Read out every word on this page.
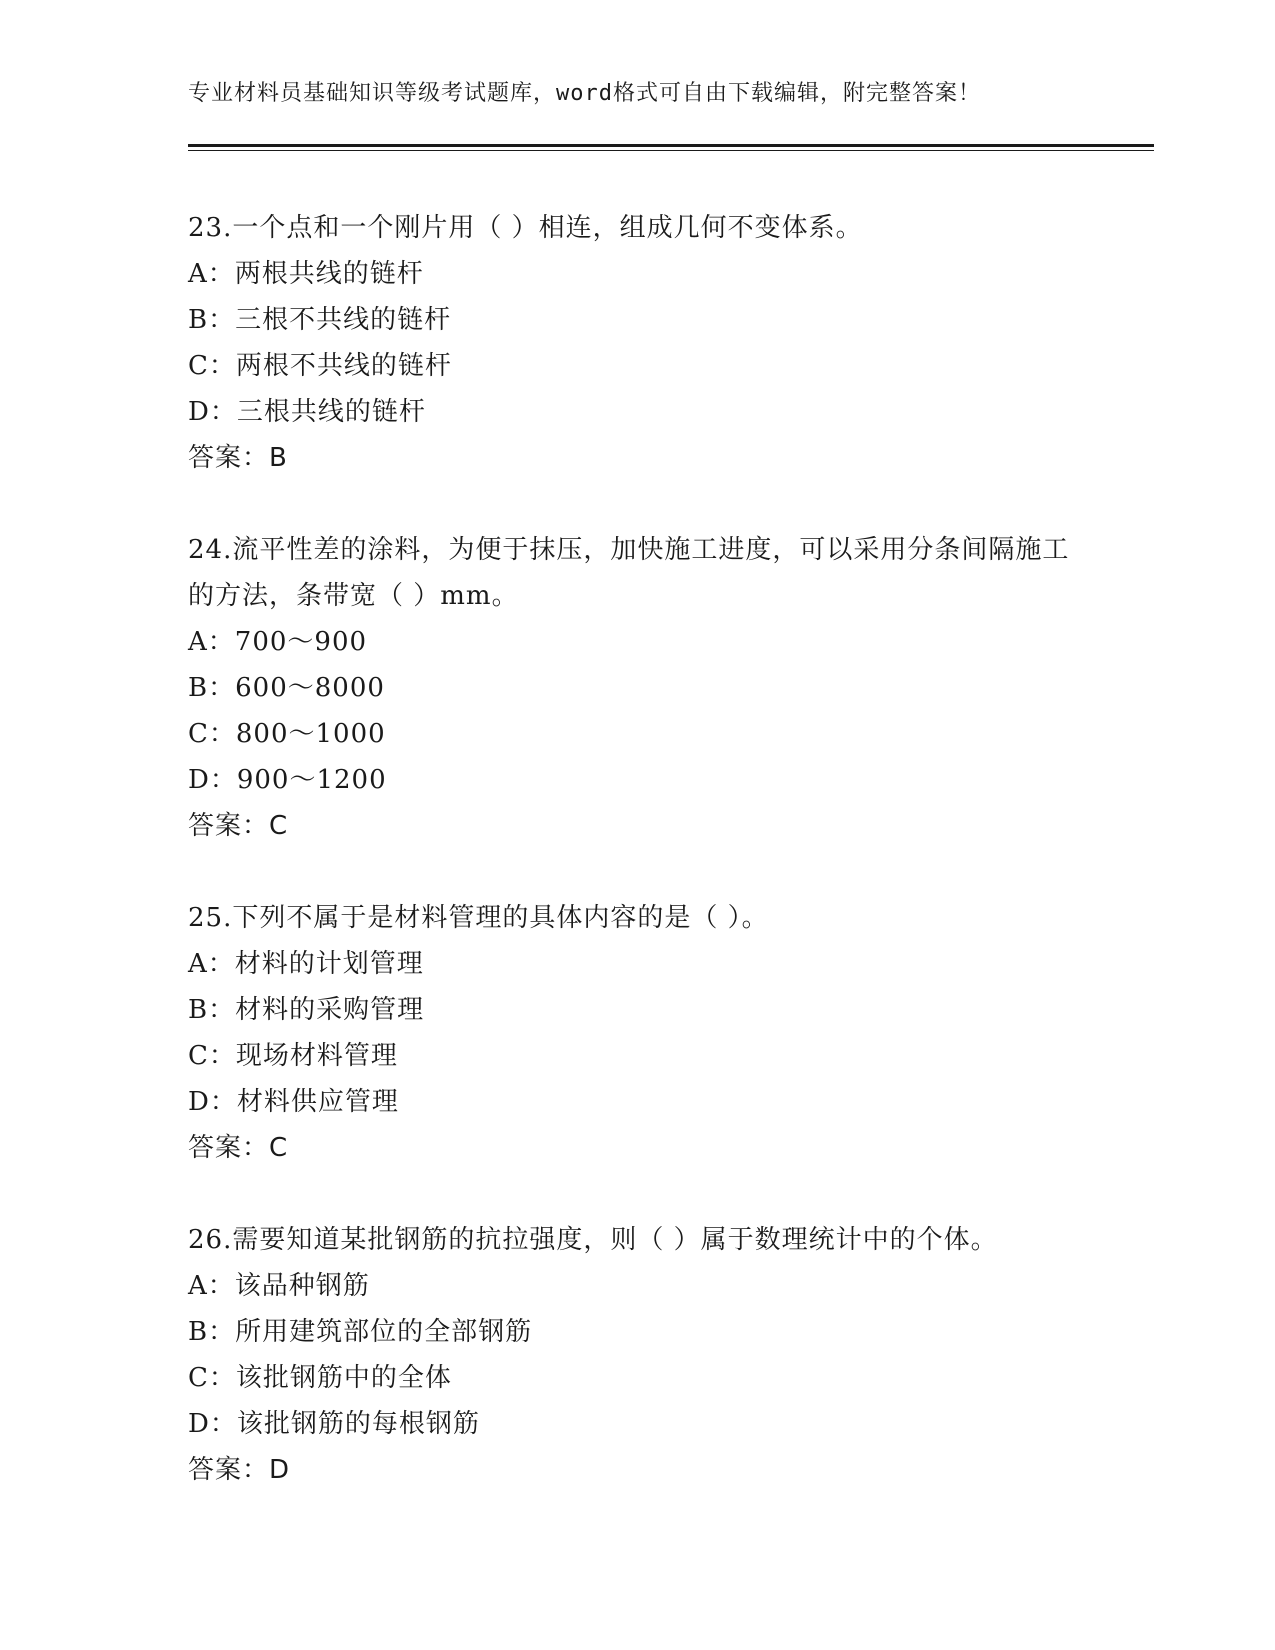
专业材料员基础知识等级考试题库，word格式可自由下载编辑，附完整答案！
23.一个点和一个刚片用（ ）相连，组成几何不变体系。
A：两根共线的链杆
B：三根不共线的链杆
C：两根不共线的链杆
D：三根共线的链杆
答案：B
24.流平性差的涂料，为便于抹压，加快施工进度，可以采用分条间隔施工的方法，条带宽（ ）mm。
A：700～900
B：600～8000
C：800～1000
D：900～1200
答案：C
25.下列不属于是材料管理的具体内容的是（ ）。
A：材料的计划管理
B：材料的采购管理
C：现场材料管理
D：材料供应管理
答案：C
26.需要知道某批钢筋的抗拉强度，则（ ）属于数理统计中的个体。
A：该品种钢筋
B：所用建筑部位的全部钢筋
C：该批钢筋中的全体
D：该批钢筋的每根钢筋
答案：D
